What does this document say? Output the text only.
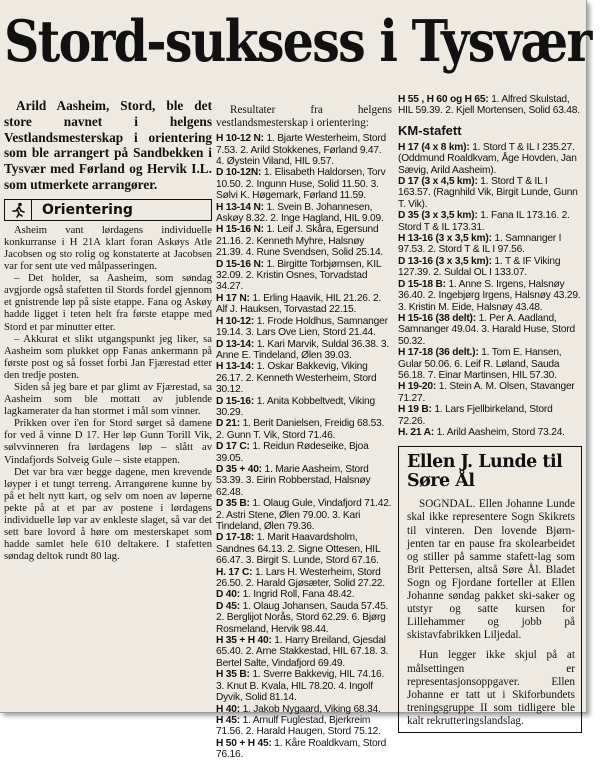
Stord-suksess i Tysvær

Arild Aasheim, Stord, ble det store navnet i helgens Vestlandsmesterskap i orientering som ble arrangert på Sandbekken i Tysvær med Førland og Hervik I.L. som utmerkete arrangører.

Orientering

Asheim vant lørdagens individuelle konkurranse i H 21A klart foran Askøys Atle Jacobsen og sto rolig og konstaterte at Jacobsen var for sent ute ved målpasseringen.

– Det holder, sa Aasheim, som søndag avgjorde også stafetten til Stords fordel gjennom et gnistrende løp på siste etappe. Fana og Askøy hadde ligget i teten helt fra første etappe med Stord et par minutter etter.

– Akkurat et slikt utgangspunkt jeg liker, sa Aasheim som plukket opp Fanas ankermann på første post og så fosset forbi Jan Fjærestad etter den tredje posten.

Siden så jeg bare et par glimt av Fjærestad, sa Aasheim som ble mottatt av jublende lagkamerater da han stormet i mål som vinner.

Prikken over i'en for Stord sørget så damene for ved å vinne D 17. Her løp Gunn Torill Vik, sølvvinneren fra lørdagens løp – slått av Vindafjords Solveig Gule – siste etappen.

Det var bra vær begge dagene, men krevende løyper i et tungt terreng. Arrangørene kunne by på et helt nytt kart, og selv om noen av løperne pekte på at et par av postene i lørdagens individuelle løp var av enkleste slaget, så var det sett bare lovord å høre om mesterskapet som hadde samlet hele 610 deltakere. I stafetten søndag deltok rundt 80 lag.

Resultater fra helgens vestlandsmesterskap i orientering:

H 10-12 N: 1. Bjarte Westerheim, Stord 7.53. 2. Arild Stokkenes, Førland 9.47. 4. Øystein Viland, HIL 9.57.

D 10-12N: 1. Elisabeth Haldorsen, Torv 10.50. 2. Ingunn Huse, Solid 11.50. 3. Sølvi K. Høgemark, Førland 11.59.

H 13-14 N: 1. Svein B. Johannesen, Askøy 8.32. 2. Inge Hagland, HIL 9.09.

H 15-16 N: 1. Leif J. Skåra, Egersund 21.16. 2. Kenneth Myhre, Halsnøy 21.39. 4. Rune Svendsen, Solid 25.14.

D 15-16 N: 1. Birgitte Torbjørnsen, KIL 32.09. 2. Kristin Osnes, Torvadstad 34.27.

H 17 N: 1. Erling Haavik, HIL 21.26. 2. Alf J. Hauksen, Torvastad 22.15.

H 10-12: 1. Frode Holdhus, Samnanger 19.14. 3. Lars Ove Lien, Stord 21.44.

D 13-14: 1. Kari Marvik, Suldal 36.38. 3. Anne E. Tindeland, Ølen 39.03.

H 13-14: 1. Oskar Bakkevig, Viking 26.17. 2. Kenneth Westerheim, Stord 30.12.

D 15-16: 1. Anita Kobbeltvedt, Viking 30.29.

D 21: 1. Berit Danielsen, Freidig 68.53. 2. Gunn T. Vik, Stord 71.46.

D 17 C: 1. Reidun Rødeseike, Bjoa 39.05.

D 35 + 40: 1. Marie Aasheim, Stord 53.39. 3. Eirin Robberstad, Halsnøy 62.48.

D 35 B: 1. Olaug Gule, Vindafjord 71.42. 2. Astri Stene, Ølen 79.00. 3. Kari Tindeland, Ølen 79.36.

D 17-18: 1. Marit Haavardsholm, Sandnes 64.13. 2. Signe Ottesen, HIL 66.47. 3. Birgit S. Lunde, Stord 67.16.

H. 17 C: 1. Lars H. Westerheim, Stord 26.50. 2. Harald Gjøsæter, Solid 27.22.

D 40: 1. Ingrid Roll, Fana 48.42.

D 45: 1. Olaug Johansen, Sauda 57.45. 2. Berglijot Norås, Stord 62.29. 6. Bjørg Rosmeland, Hervik 98.44.

H 35 + H 40: 1. Harry Breiland, Gjesdal 65.40. 2. Arne Stakkestad, HIL 67.18. 3. Bertel Salte, Vindafjord 69.49.

H 35 B: 1. Sverre Bakkevig, HIL 74.16. 3. Knut B. Kvala, HIL 78.20. 4. Ingolf Dyvik, Solid 81.14.

H 40: 1. Jakob Nygaard, Viking 68.34.

H 45: 1. Arnulf Fuglestad, Bjerkreim 71.56. 2. Harald Haugen, Stord 75.12.

H 50 + H 45: 1. Kåre Roaldkvam, Stord 76.16.

H 55 , H 60 og H 65: 1. Alfred Skulstad, HIL 59.39. 2. Kjell Mortensen, Solid 63.48.

KM-stafett

H 17 (4 x 8 km): 1. Stord T & IL I 235.27. (Oddmund Roaldkvam, Åge Hovden, Jan Sævig, Arild Aasheim).

D 17 (3 x 4,5 km): 1. Stord T & IL I 163.57. (Ragnhild Vik, Birgit Lunde, Gunn T. Vik).

D 35 (3 x 3,5 km): 1. Fana IL 173.16. 2. Stord T & IL 173.31.

H 13-16 (3 x 3,5 km): 1. Samnanger I 97.53. 2. Stord T & IL I 97.56.

D 13-16 (3 x 3,5 km): 1. T & IF Viking 127.39. 2. Suldal OL I 133.07.

D 15-18 B: 1. Anne S. Irgens, Halsnøy 36.40. 2. Ingebjørg Irgens, Halsnøy 43.29. 3. Kristin M. Eide, Halsnøy 43.48.

H 15-16 (38 delt): 1. Per A. Aadland, Samnanger 49.04. 3. Harald Huse, Stord 50.32.

H 17-18 (36 delt.): 1. Tom E. Hansen, Gular 50.06. 6. Leif R. Løland, Sauda 56.18. 7. Einar Martinsen, HIL 57.30.

H 19-20: 1. Stein A. M. Olsen, Stavanger 71.27.

H 19 B: 1. Lars Fjellbirkeland, Stord 72.26.

H. 21 A: 1. Arild Aasheim, Stord 73.24.

Ellen J. Lunde til Søre Ål

SOGNDAL. Ellen Johanne Lunde skal ikke representere Sogn Skikrets til vinteren. Den lovende Bjørn-jenten tar en pause fra skolearbeidet og stiller på samme stafett-lag som Brit Pettersen, altså Søre Ål. Bladet Sogn og Fjordane forteller at Ellen Johanne søndag pakket ski-saker og utstyr og satte kursen for Lillehammer og jobb på skistavfabrikken Liljedal.

Hun legger ikke skjul på at målsettingen er representasjonsoppgaver. Ellen Johanne er tatt ut i Skiforbundets treningsgruppe II som tidligere ble kalt rekrutteringslandslag.
